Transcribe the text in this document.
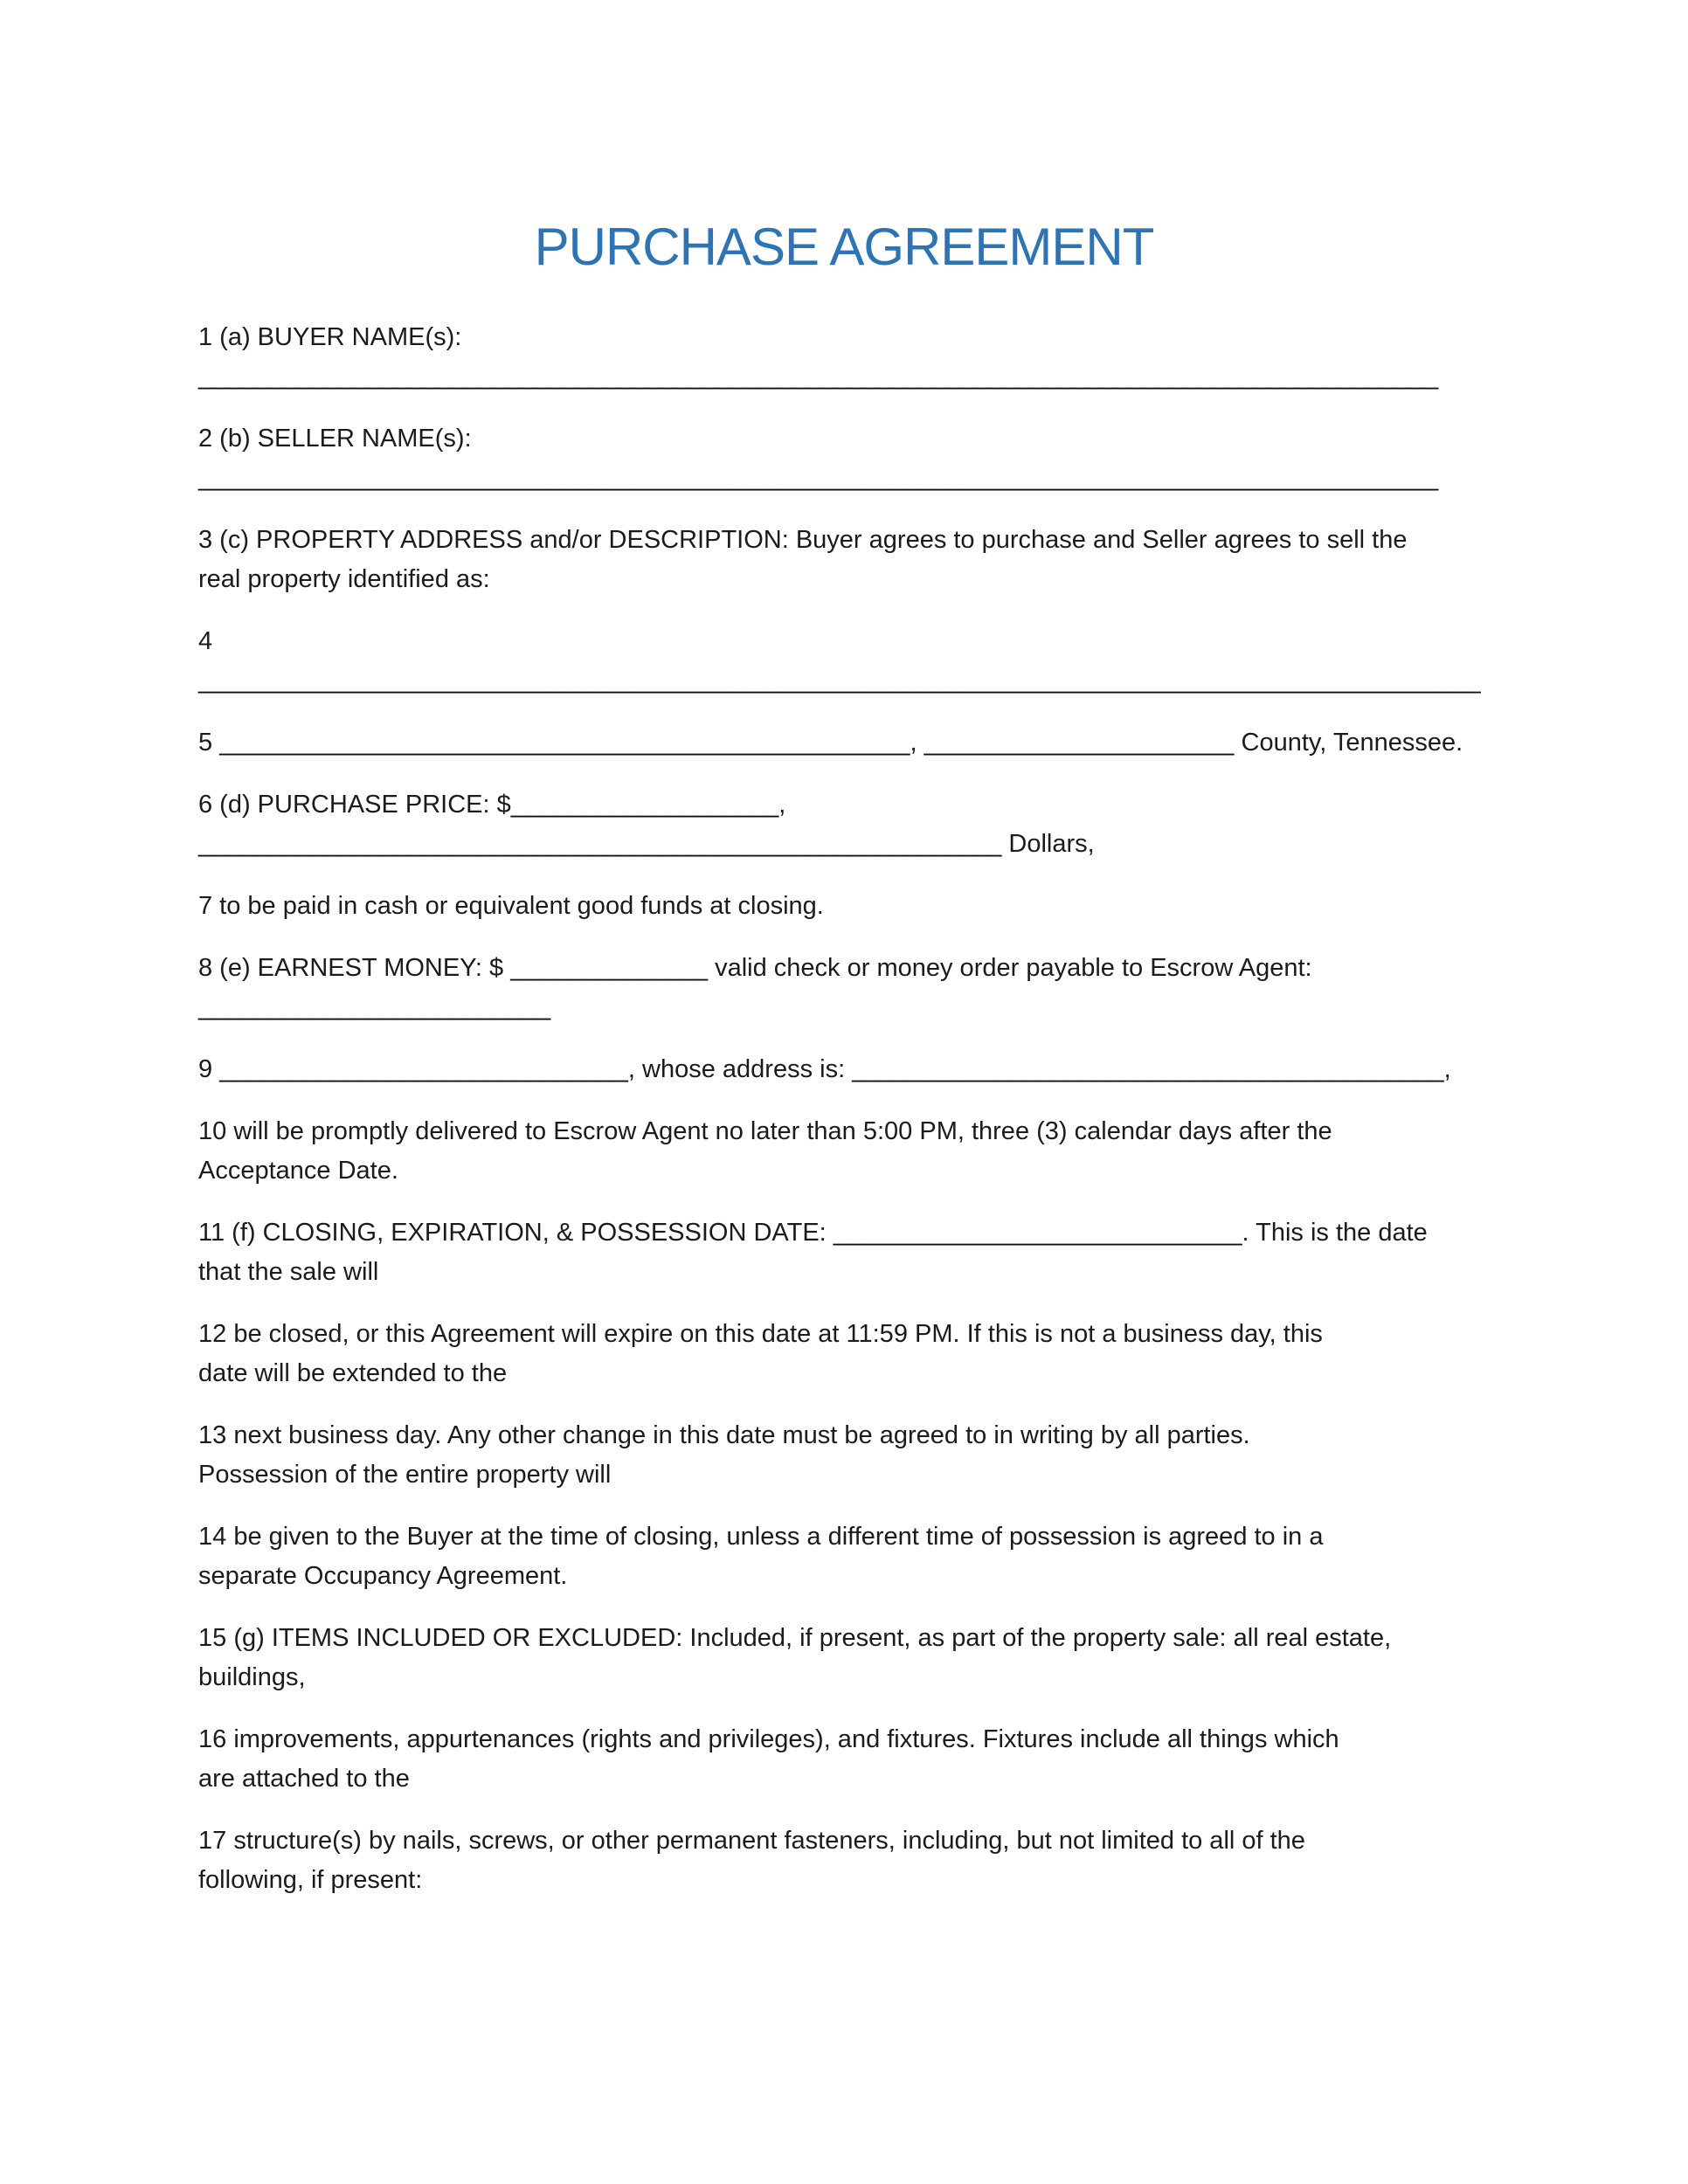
PURCHASE AGREEMENT

1 (a) BUYER NAME(s): ________________________________________________________________________________________

2 (b) SELLER NAME(s): ________________________________________________________________________________________

3 (c) PROPERTY ADDRESS and/or DESCRIPTION: Buyer agrees to purchase and Seller agrees to sell the
real property identified as:

4
___________________________________________________________________________________________

5 _________________________________________________, ______________________ County, Tennessee.

6 (d) PURCHASE PRICE: $___________________, _________________________________________________________ Dollars,

7 to be paid in cash or equivalent good funds at closing.

8 (e) EARNEST MONEY: $ ______________ valid check or money order payable to Escrow Agent: _________________________

9 _____________________________, whose address is: __________________________________________,

10 will be promptly delivered to Escrow Agent no later than 5:00 PM, three (3) calendar days after the
Acceptance Date.

11 (f) CLOSING, EXPIRATION, & POSSESSION DATE: _____________________________. This is the date
that the sale will

12 be closed, or this Agreement will expire on this date at 11:59 PM. If this is not a business day, this
date will be extended to the

13 next business day. Any other change in this date must be agreed to in writing by all parties.
Possession of the entire property will

14 be given to the Buyer at the time of closing, unless a different time of possession is agreed to in a
separate Occupancy Agreement.

15 (g) ITEMS INCLUDED OR EXCLUDED: Included, if present, as part of the property sale: all real estate,
buildings,

16 improvements, appurtenances (rights and privileges), and fixtures. Fixtures include all things which
are attached to the

17 structure(s) by nails, screws, or other permanent fasteners, including, but not limited to all of the
following, if present:
